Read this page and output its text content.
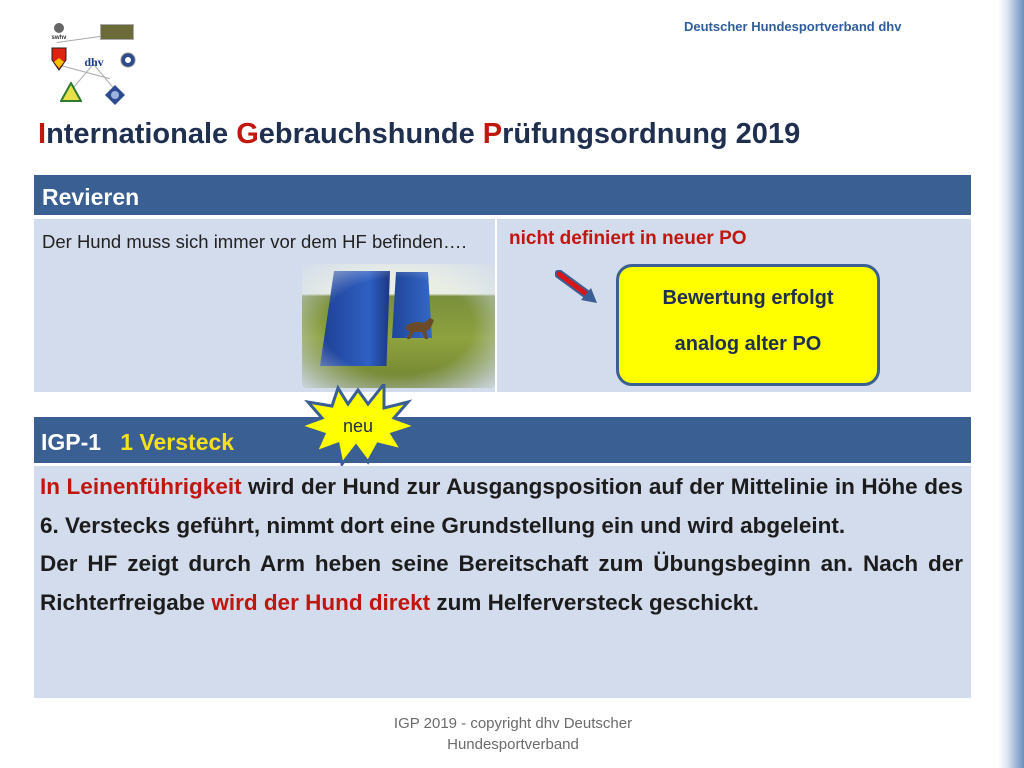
Deutscher Hundesportverband dhv
swhv
dhv
Internationale Gebrauchshunde Prüfungsordnung 2019
Revieren
Der Hund muss sich immer vor dem HF befinden….	nicht definiert in neuer PO
Bewertung erfolgt
analog alter PO
IGP-1 1 Versteck

In Leinenführigkeit wird der Hund zur Ausgangsposition auf der Mittelinie in Höhe des 6. Verstecks geführt, nimmt dort eine Grundstellung ein und wird abgeleint.

Der HF zeigt durch Arm heben seine Bereitschaft zum Übungsbeginn an. Nach der Richterfreigabe wird der Hund direkt zum Helferversteck geschickt.

neu
IGP 2019 - copyright dhv Deutscher Hundesportverband
